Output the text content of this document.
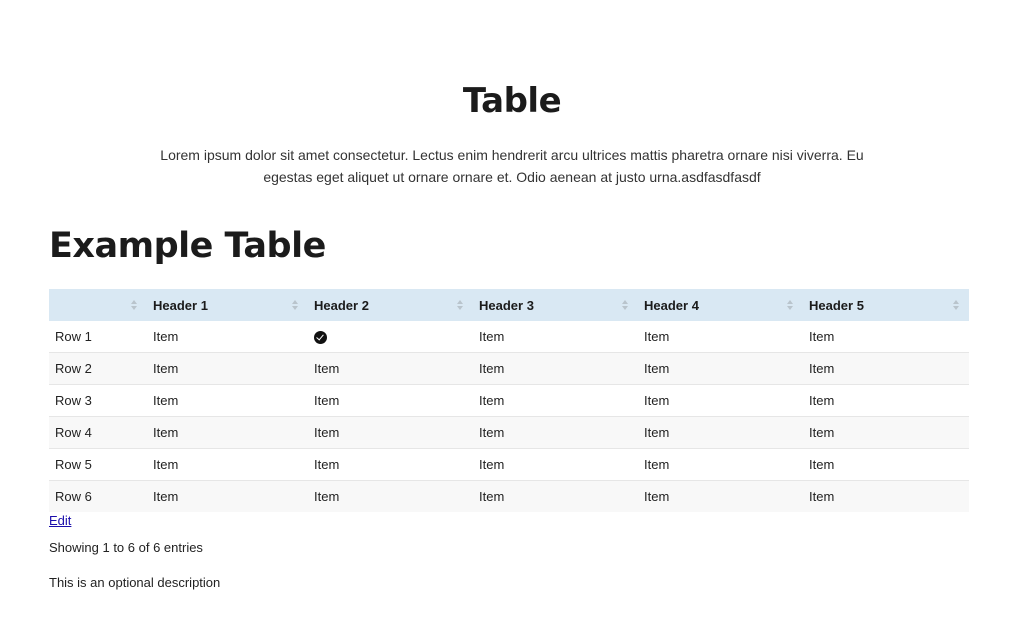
Table

Lorem ipsum dolor sit amet consectetur. Lectus enim hendrerit arcu ultrices mattis pharetra ornare nisi viverra. Eu egestas eget aliquet ut ornare ornare et. Odio aenean at justo urna.asdfasdfasdf

Example Table

	Header 1	Header 2	Header 3	Header 4	Header 5

Row 1	Item		Item	Item	Item
Row 2	Item	Item	Item	Item	Item
Row 3	Item	Item	Item	Item	Item
Row 4	Item	Item	Item	Item	Item
Row 5	Item	Item	Item	Item	Item
Row 6	Item	Item	Item	Item	Item
Edit
Showing 1 to 6 of 6 entries
This is an optional description
